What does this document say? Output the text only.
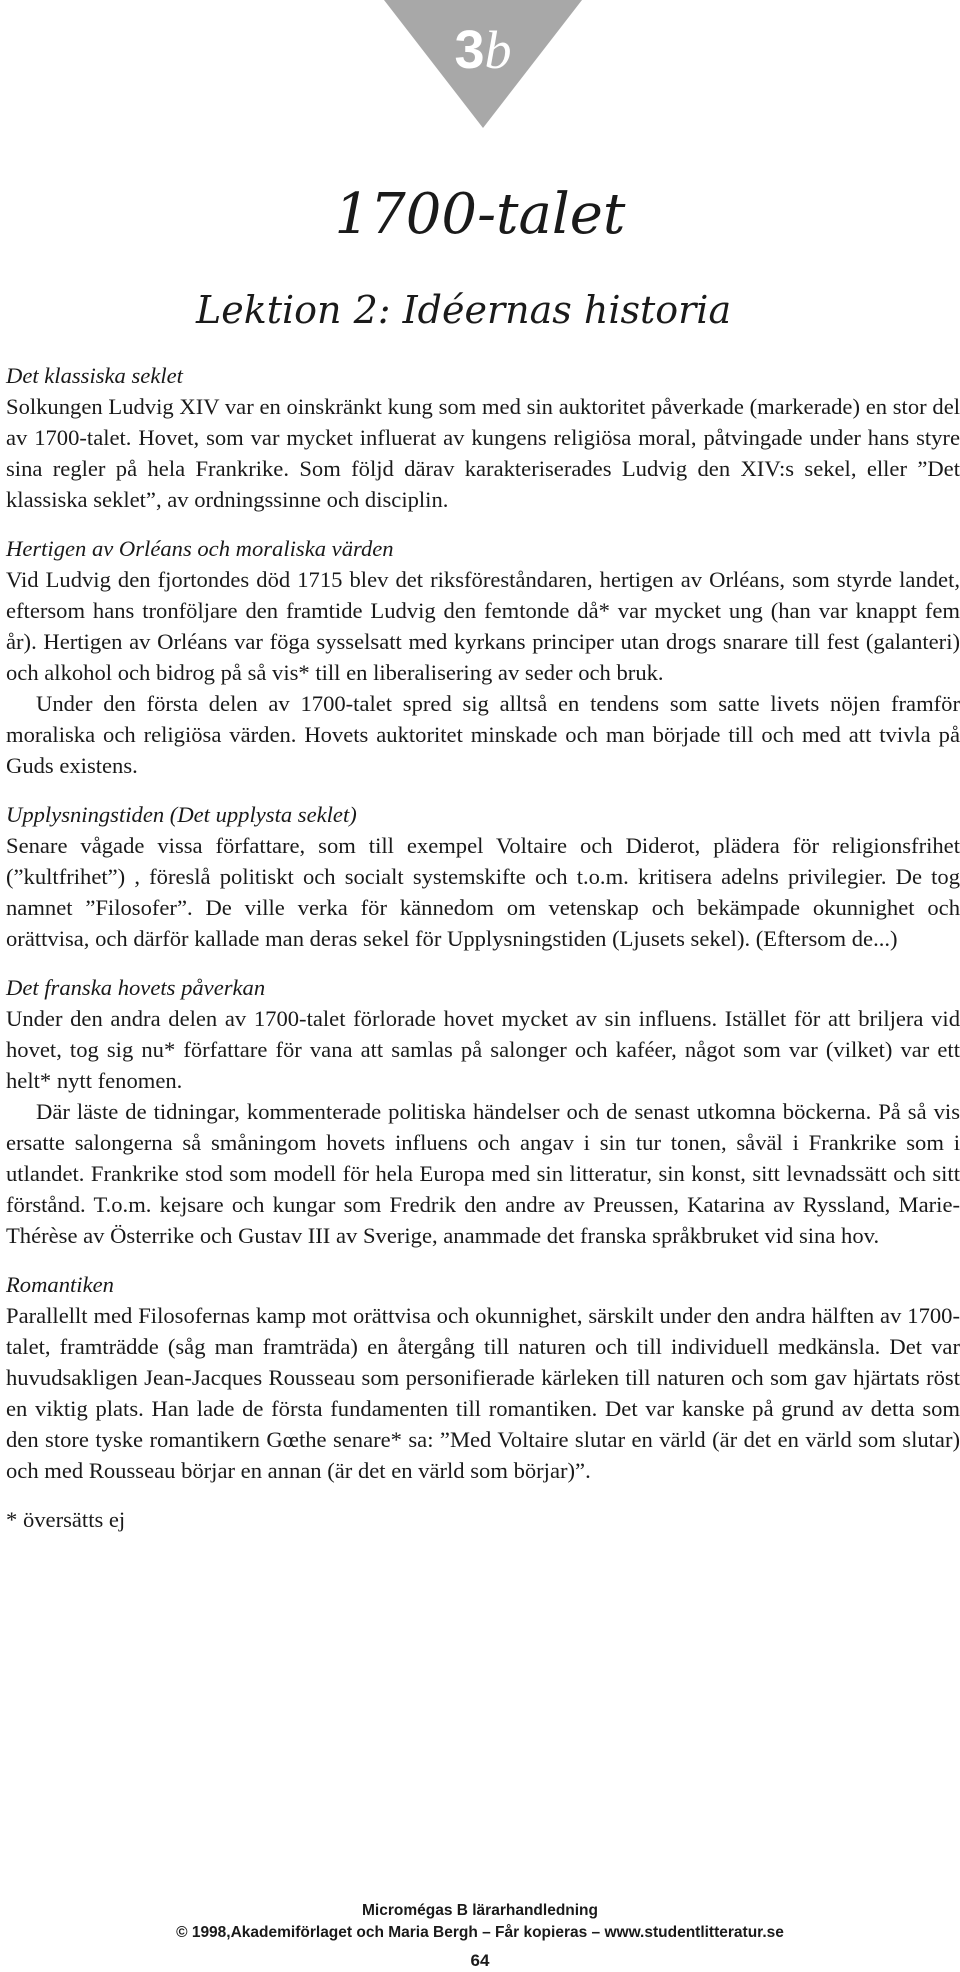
3b
1700-talet
Lektion 2: Idéernas historia

Det klassiska seklet

Solkungen Ludvig XIV var en oinskränkt kung som med sin auktoritet påverkade (markerade) en stor del av 1700-talet. Hovet, som var mycket influerat av kungens religiösa moral, påtvingade under hans styre sina regler på hela Frankrike. Som följd därav karakteriserades Ludvig den XIV:s sekel, eller ”Det klassiska seklet”, av ordningssinne och disciplin.

Hertigen av Orléans och moraliska värden

Vid Ludvig den fjortondes död 1715 blev det riksföreståndaren, hertigen av Orléans, som styrde landet, eftersom hans tronföljare den framtide Ludvig den femtonde då* var mycket ung (han var knappt fem år). Hertigen av Orléans var föga sysselsatt med kyrkans principer utan drogs snarare till fest (galanteri) och alkohol och bidrog på så vis* till en liberalisering av seder och bruk.

Under den första delen av 1700-talet spred sig alltså en tendens som satte livets nöjen framför moraliska och religiösa värden. Hovets auktoritet minskade och man började till och med att tvivla på Guds existens.

Upplysningstiden (Det upplysta seklet)

Senare vågade vissa författare, som till exempel Voltaire och Diderot, plädera för religionsfrihet (”kultfrihet”) , föreslå politiskt och socialt systemskifte och t.o.m. kritisera adelns privilegier. De tog namnet ”Filosofer”. De ville verka för kännedom om vetenskap och bekämpade okunnighet och orättvisa, och därför kallade man deras sekel för Upplysningstiden (Ljusets sekel). (Eftersom de...)

Det franska hovets påverkan

Under den andra delen av 1700-talet förlorade hovet mycket av sin influens. Istället för att briljera vid hovet, tog sig nu* författare för vana att samlas på salonger och kaféer, något som var (vilket) var ett helt* nytt fenomen.

Där läste de tidningar, kommenterade politiska händelser och de senast utkomna böckerna. På så vis ersatte salongerna så småningom hovets influens och angav i sin tur tonen, såväl i Frankrike som i utlandet. Frankrike stod som modell för hela Europa med sin litteratur, sin konst, sitt levnadssätt och sitt förstånd. T.o.m. kejsare och kungar som Fredrik den andre av Preussen, Katarina av Ryssland, Marie-Thérèse av Österrike och Gustav III av Sverige, anammade det franska språkbruket vid sina hov.

Romantiken

Parallellt med Filosofernas kamp mot orättvisa och okunnighet, särskilt under den andra hälften av 1700-talet, framträdde (såg man framträda) en återgång till naturen och till individuell medkänsla. Det var huvudsakligen Jean-Jacques Rousseau som personifierade kärleken till naturen och som gav hjärtats röst en viktig plats. Han lade de första fundamenten till romantiken. Det var kanske på grund av detta som den store tyske romantikern Gœthe senare* sa: ”Med Voltaire slutar en värld (är det en värld som slutar) och med Rousseau börjar en annan (är det en värld som börjar)”.

* översätts ej

Micromégas B lärarhandledning
© 1998,Akademiförlaget och Maria Bergh – Får kopieras – www.studentlitteratur.se
64
